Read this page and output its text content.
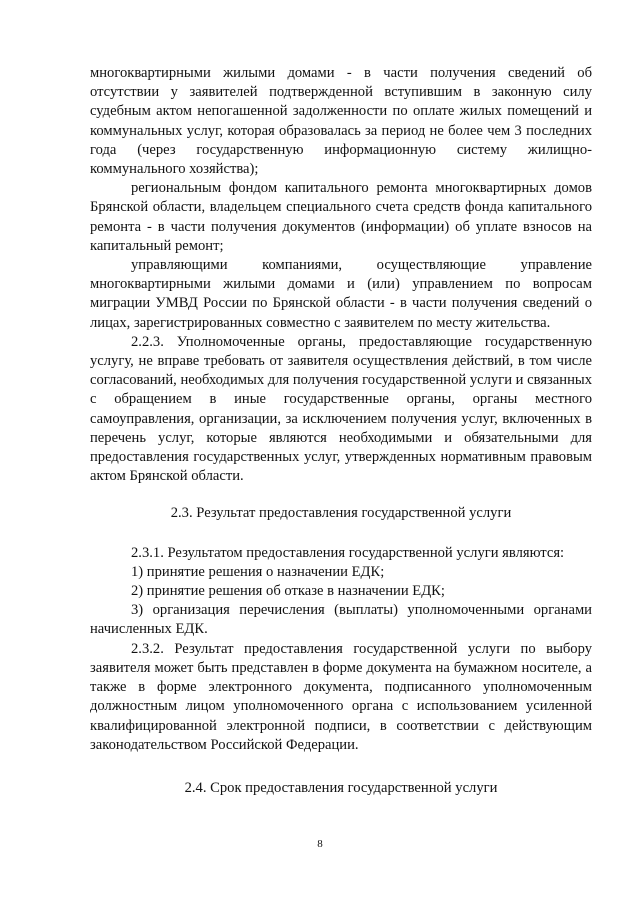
многоквартирными жилыми домами - в части получения сведений об отсутствии у заявителей подтвержденной вступившим в законную силу судебным актом непогашенной задолженности по оплате жилых помещений и коммунальных услуг, которая образовалась за период не более чем 3 последних года (через государственную информационную систему жилищно-коммунального хозяйства);

региональным фондом капитального ремонта многоквартирных домов Брянской области, владельцем специального счета средств фонда капитального ремонта - в части получения документов (информации) об уплате взносов на капитальный ремонт;

управляющими компаниями, осуществляющие управление многоквартирными жилыми домами и (или) управлением по вопросам миграции УМВД России по Брянской области - в части получения сведений о лицах, зарегистрированных совместно с заявителем по месту жительства.

2.2.3. Уполномоченные органы, предоставляющие государственную услугу, не вправе требовать от заявителя осуществления действий, в том числе согласований, необходимых для получения государственной услуги и связанных с обращением в иные государственные органы, органы местного самоуправления, организации, за исключением получения услуг, включенных в перечень услуг, которые являются необходимыми и обязательными для предоставления государственных услуг, утвержденных нормативным правовым актом Брянской области.

2.3. Результат предоставления государственной услуги

2.3.1. Результатом предоставления государственной услуги являются:

1) принятие решения о назначении ЕДК;

2) принятие решения об отказе в назначении ЕДК;

3) организация перечисления (выплаты) уполномоченными органами начисленных ЕДК.

2.3.2. Результат предоставления государственной услуги по выбору заявителя может быть представлен в форме документа на бумажном носителе, а также в форме электронного документа, подписанного уполномоченным должностным лицом уполномоченного органа с использованием усиленной квалифицированной электронной подписи, в соответствии с действующим законодательством Российской Федерации.

2.4. Срок предоставления государственной услуги

8
